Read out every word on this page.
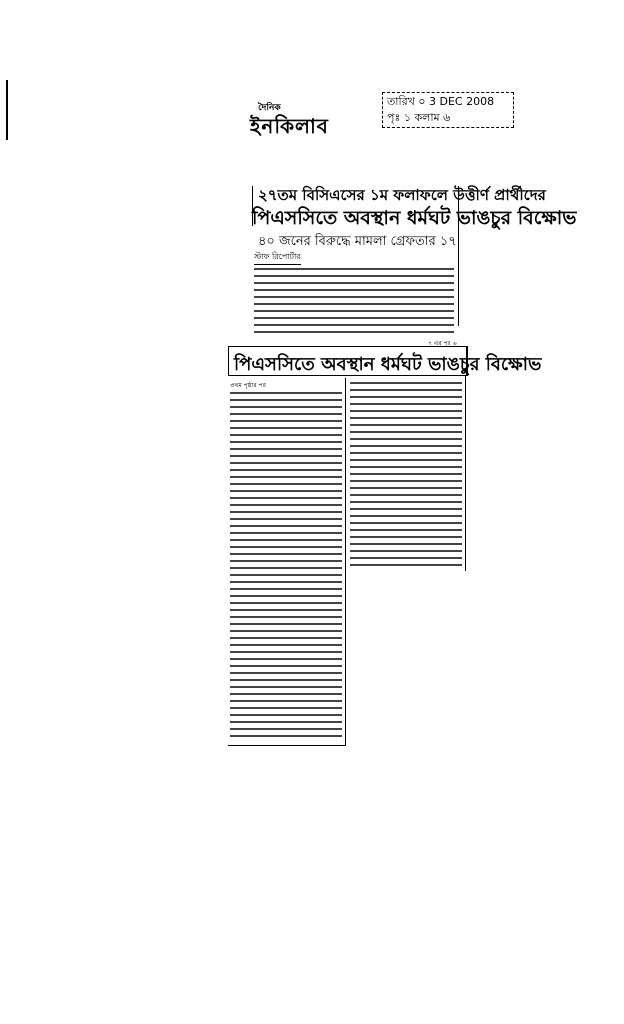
দৈনিক
ইনকিলাব
তারিখ ০ 3 DEC 2008
পৃঃ ১ কলাম ৬
২৭তম বিসিএসের ১ম ফলাফলে উত্তীর্ণ প্রার্থীদের
পিএসসিতে অবস্থান ধর্মঘট ভাঙচুর বিক্ষোভ
৪০ জনের বিরুদ্ধে মামলা গ্রেফতার ১৭
স্টাফ রিপোর্টার
৭ এর পৃঃ ৬
পিএসসিতে অবস্থান ধর্মঘট ভাঙচুর বিক্ষোভ
প্রথম পৃষ্ঠার পর
